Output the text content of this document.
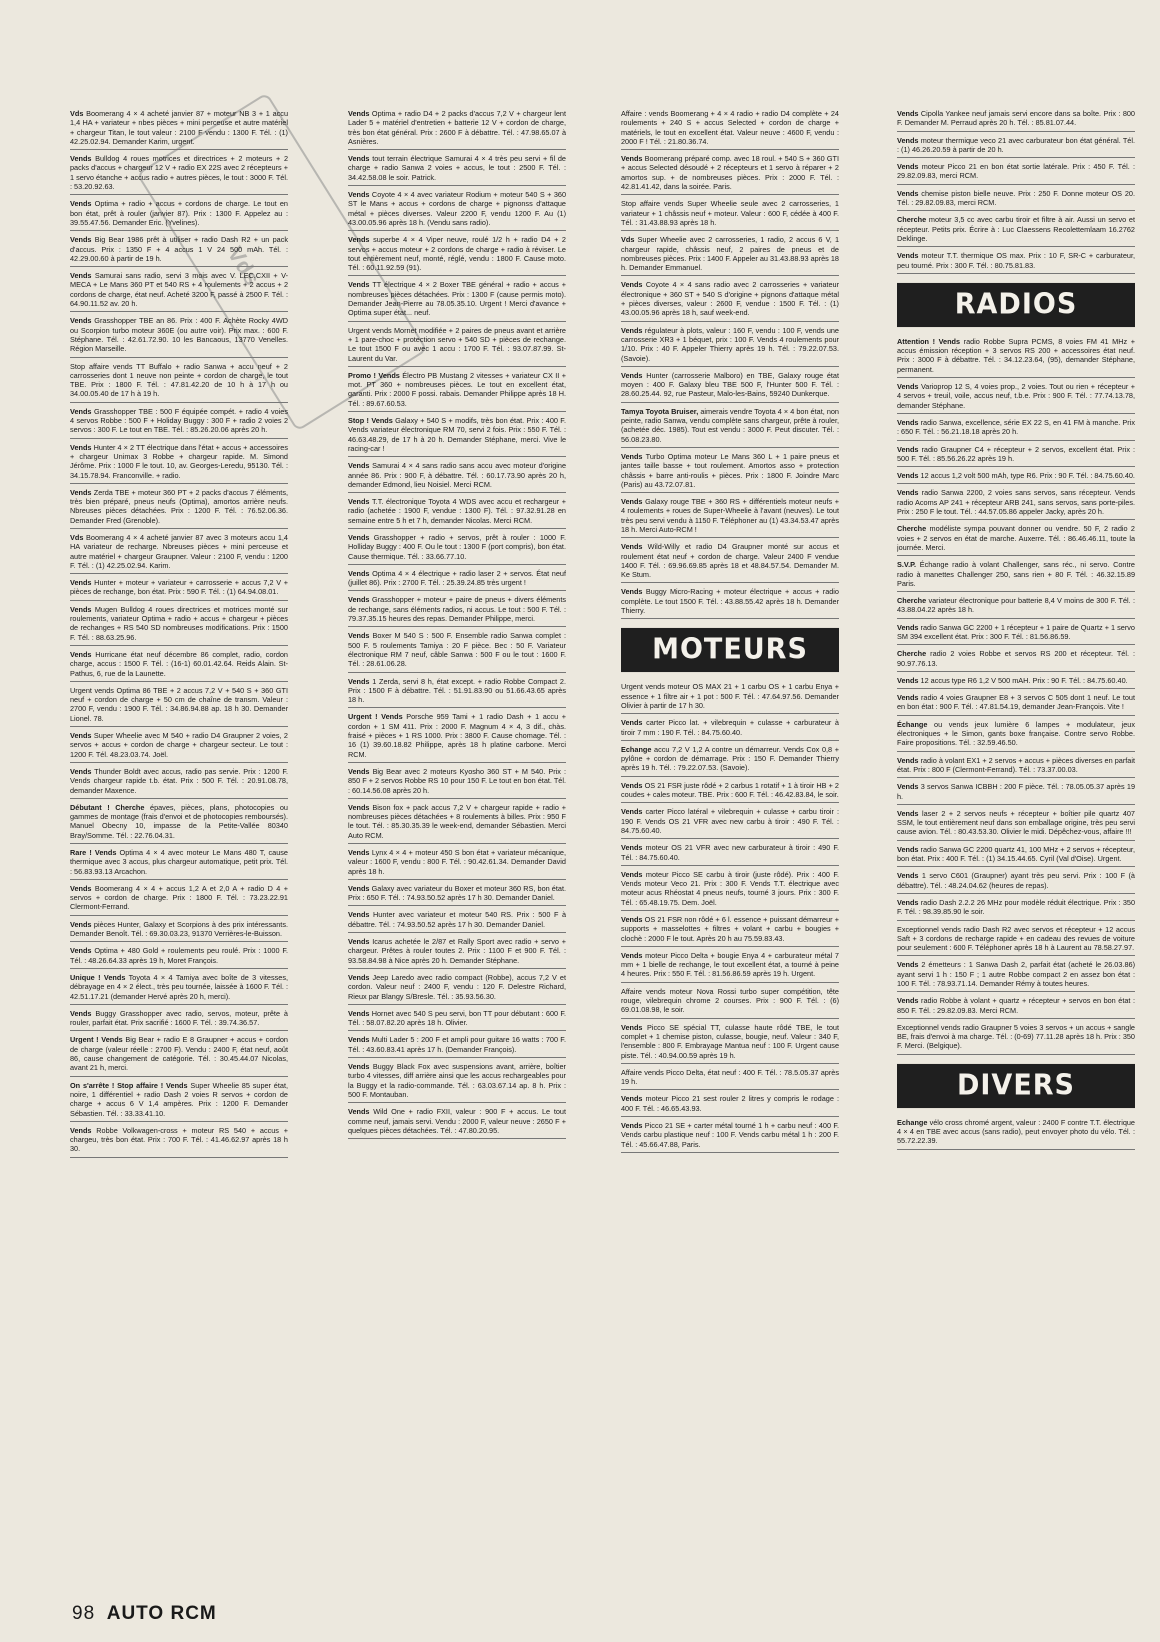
Vds
Vds Boomerang 4 × 4 acheté janvier 87 + moteur NB 3 + 1 accu 1,4 HA + variateur + nbes pièces + mini perceuse et autre matériel + chargeur Titan, le tout valeur : 2100 F vendu : 1300 F. Tél. : (1) 42.25.02.94. Demander Karim, urgent.
Vends Bulldog 4 roues motrices et directrices + 2 moteurs + 2 packs d'accus + chargeur 12 V + radio EX 22S avec 2 récepteurs + 1 servo étanche + accus radio + autres pièces, le tout : 3000 F. Tél. : 53.20.92.63.
Vends Optima + radio + accus + cordons de charge. Le tout en bon état, prêt à rouler (janvier 87). Prix : 1300 F. Appelez au : 39.55.47.56. Demander Eric. (Yvelines).
Vends Big Bear 1986 prêt à utiliser + radio Dash R2 + un pack d'accus. Prix : 1350 F + 4 accus 1 V 24 500 mAh. Tél. : 42.29.00.60 à partir de 19 h.
Vends Samurai sans radio, servi 3 mois avec V. LEC.CXII + V-MECA + Le Mans 360 PT et 540 RS + 4 roulements + 2 accus + 2 cordons de charge, état neuf. Acheté 3200 F, passé à 2500 F. Tél. : 64.90.11.52 av. 20 h.
Vends Grasshopper TBE an 86. Prix : 400 F. Achète Rocky 4WD ou Scorpion turbo moteur 360E (ou autre voir). Prix max. : 600 F. Stéphane. Tél. : 42.61.72.90. 10 les Bancaous, 13770 Venelles. Région Marseille.
Stop affaire vends TT Buffalo + radio Sanwa + accu neuf + 2 carrosseries dont 1 neuve non peinte + cordon de charge, le tout TBE. Prix : 1800 F. Tél. : 47.81.42.20 de 10 h à 17 h ou 34.00.05.40 de 17 h à 19 h.
Vends Grasshopper TBE : 500 F équipée compét. + radio 4 voies 4 servos Robbe : 500 F + Holiday Buggy : 300 F + radio 2 voies 2 servos : 300 F. Le tout en TBE. Tél. : 85.26.20.06 après 20 h.
Vends Hunter 4 × 2 TT électrique dans l'état + accus + accessoires + chargeur Unimax 3 Robbe + chargeur rapide. M. Simond Jérôme. Prix : 1000 F le tout. 10, av. Georges-Leredu, 95130. Tél. : 34.15.78.94. Franconville. + radio.
Vends Zerda TBE + moteur 360 PT + 2 packs d'accus 7 éléments, très bien préparé, pneus neufs (Optima), amortos arrière neufs. Nbreuses pièces détachées. Prix : 1200 F. Tél. : 76.52.06.36. Demander Fred (Grenoble).
Vds Boomerang 4 × 4 acheté janvier 87 avec 3 moteurs accu 1,4 HA variateur de recharge. Nbreuses pièces + mini perceuse et autre matériel + chargeur Graupner. Valeur : 2100 F, vendu : 1200 F. Tél. : (1) 42.25.02.94. Karim.
Vends Hunter + moteur + variateur + carrosserie + accus 7,2 V + pièces de rechange, bon état. Prix : 590 F. Tél. : (1) 64.94.08.01.
Vends Mugen Bulldog 4 roues directrices et motrices monté sur roulements, variateur Optima + radio + accus + chargeur + pièces de rechanges + RS 540 SD nombreuses modifications. Prix : 1500 F. Tél. : 88.63.25.96.
Vends Hurricane état neuf décembre 86 complet, radio, cordon charge, accus : 1500 F. Tél. : (16-1) 60.01.42.64. Reids Alain. St-Pathus, 6, rue de la Launette.
Urgent vends Optima 86 TBE + 2 accus 7,2 V + 540 S + 360 GTI neuf + cordon de charge + 50 cm de chaîne de transm. Valeur : 2700 F, vendu : 1900 F. Tél. : 34.86.94.88 ap. 18 h 30. Demander Lionel. 78.
Vends Super Wheelie avec M 540 + radio D4 Graupner 2 voies, 2 servos + accus + cordon de charge + chargeur secteur. Le tout : 1200 F. Tél. 48.23.03.74. Joël.
Vends Thunder Boldt avec accus, radio pas servie. Prix : 1200 F. Vends chargeur rapide t.b. état. Prix : 500 F. Tél. : 20.91.08.78, demander Maxence.
Débutant ! Cherche épaves, pièces, plans, photocopies ou gammes de montage (frais d'envoi et de photocopies remboursés). Manuel Obecny 10, impasse de la Petite-Vallée 80340 Bray/Somme. Tél. : 22.76.04.31.
Rare ! Vends Optima 4 × 4 avec moteur Le Mans 480 T, cause thermique avec 3 accus, plus chargeur automatique, petit prix. Tél. : 56.83.93.13 Arcachon.
Vends Boomerang 4 × 4 + accus 1,2 A et 2,0 A + radio D 4 + servos + cordon de charge. Prix : 1800 F. Tél. : 73.23.22.91 Clermont-Ferrand.
Vends pièces Hunter, Galaxy et Scorpions à des prix intéressants. Demander Benoît. Tél. : 69.30.03.23, 91370 Verrières-le-Buisson.
Vends Optima + 480 Gold + roulements peu roulé. Prix : 1000 F. Tél. : 48.26.64.33 après 19 h, Moret François.
Unique ! Vends Toyota 4 × 4 Tamiya avec boîte de 3 vitesses, débrayage en 4 × 2 élect., très peu tournée, laissée à 1600 F. Tél. : 42.51.17.21 (demander Hervé après 20 h, merci).
Vends Buggy Grasshopper avec radio, servos, moteur, prête à rouler, parfait état. Prix sacrifié : 1600 F. Tél. : 39.74.36.57.
Urgent ! Vends Big Bear + radio E 8 Graupner + accus + cordon de charge (valeur réelle : 2700 F). Vendu : 2400 F, état neuf, août 86, cause changement de catégorie. Tél. : 30.45.44.07 Nicolas, avant 21 h, merci.
On s'arrête ! Stop affaire ! Vends Super Wheelie 85 super état, noire, 1 différentiel + radio Dash 2 voies R servos + cordon de charge + accus 6 V 1,4 ampères. Prix : 1200 F. Demander Sébastien. Tél. : 33.33.41.10.
Vends Robbe Volkwagen-cross + moteur RS 540 + accus + chargeu, très bon état. Prix : 700 F. Tél. : 41.46.62.97 après 18 h 30.
Vends Optima + radio D4 + 2 packs d'accus 7,2 V + chargeur lent Lader 5 + matériel d'entretien + batterie 12 V + cordon de charge, très bon état général. Prix : 2600 F à débattre. Tél. : 47.98.65.07 à Asnières.
Vends tout terrain électrique Samurai 4 × 4 très peu servi + fil de charge + radio Sanwa 2 voies + accus, le tout : 2500 F. Tél. : 34.42.58.08 le soir. Patrick.
Vends Coyote 4 × 4 avec variateur Rodium + moteur 540 S + 360 ST le Mans + accus + cordons de charge + pignonss d'attaque métal + pièces diverses. Valeur 2200 F, vendu 1200 F. Au (1) 43.00.05.96 après 18 h. (Vendu sans radio).
Vends superbe 4 × 4 Viper neuve, roulé 1/2 h + radio D4 + 2 servos + accus moteur + 2 cordons de charge + radio à réviser. Le tout entièrement neuf, monté, réglé, vendu : 1800 F. Cause moto. Tél. : 60.11.92.59 (91).
Vends TT électrique 4 × 2 Boxer TBE général + radio + accus + nombreuses pièces détachées. Prix : 1300 F (cause permis moto). Demander Jean-Pierre au 78.05.35.10. Urgent ! Merci d'avance + Optima super état... neuf.
Urgent vends Mornet modifiée + 2 paires de pneus avant et arrière + 1 pare-choc + protection servo + 540 SD + pièces de rechange. Le tout 1500 F ou avec 1 accu : 1700 F. Tél. : 93.07.87.99. St-Laurent du Var.
Promo ! Vends Électro PB Mustang 2 vitesses + variateur CX II + mot. PT 360 + nombreuses pièces. Le tout en excellent état, garanti. Prix : 2000 F possi. rabais. Demander Philippe après 18 H. Tél. : 89.67.60.53.
Stop ! Vends Galaxy + 540 S + modifs, très bon état. Prix : 400 F. Vends variateur électronique RM 70, servi 2 fois. Prix : 550 F. Tél. : 46.63.48.29, de 17 h à 20 h. Demander Stéphane, merci. Vive le racing-car !
Vends Samurai 4 × 4 sans radio sans accu avec moteur d'origine année 86. Prix : 900 F, à débattre. Tél. : 60.17.73.90 après 20 h, demander Edmond, lieu Noisiel. Merci RCM.
Vends T.T. électronique Toyota 4 WDS avec accu et rechargeur + radio (achetée : 1900 F, vendue : 1300 F). Tél. : 97.32.91.28 en semaine entre 5 h et 7 h, demander Nicolas. Merci RCM.
Vends Grasshopper + radio + servos, prêt à rouler : 1000 F. Holliday Buggy : 400 F. Ou le tout : 1300 F (port compris), bon état. Cause thermique. Tél. : 33.66.77.10.
Vends Optima 4 × 4 électrique + radio laser 2 + servos. État neuf (juillet 86). Prix : 2700 F. Tél. : 25.39.24.85 très urgent !
Vends Grasshopper + moteur + paire de pneus + divers éléments de rechange, sans éléments radios, ni accus. Le tout : 500 F. Tél. : 79.37.35.15 heures des repas. Demander Philippe, merci.
Vends Boxer M 540 S : 500 F. Ensemble radio Sanwa complet : 500 F. 5 roulements Tamiya : 20 F pièce. Bec : 50 F. Variateur électronique RM 7 neuf, câble Sanwa : 500 F ou le tout : 1600 F. Tél. : 28.61.06.28.
Vends 1 Zerda, servi 8 h, état except. + radio Robbe Compact 2. Prix : 1500 F à débattre. Tél. : 51.91.83.90 ou 51.66.43.65 après 18 h.
Urgent ! Vends Porsche 959 Tami + 1 radio Dash + 1 accu + cordon + 1 SM 411. Prix : 2000 F. Magnum 4 × 4, 3 dif., chàs. fraisé + pièces + 1 RS 1000. Prix : 3800 F. Cause chomage. Tél. : 16 (1) 39.60.18.82 Philippe, après 18 h platine carbone. Merci RCM.
Vends Big Bear avec 2 moteurs Kyosho 360 ST + M 540. Prix : 850 F + 2 servos Robbe RS 10 pour 150 F. Le tout en bon état. Tél. : 60.14.56.08 après 20 h.
Vends Bison fox + pack accus 7,2 V + chargeur rapide + radio + nombreuses pièces détachées + 8 roulements à billes. Prix : 950 F le tout. Tél. : 85.30.35.39 le week-end, demander Sébastien. Merci Auto RCM.
Vends Lynx 4 × 4 + moteur 450 S bon état + variateur mécanique, valeur : 1600 F, vendu : 800 F. Tél. : 90.42.61.34. Demander David après 18 h.
Vends Galaxy avec variateur du Boxer et moteur 360 RS, bon état. Prix : 650 F. Tél. : 74.93.50.52 après 17 h 30. Demander Daniel.
Vends Hunter avec variateur et moteur 540 RS. Prix : 500 F à débattre. Tél. : 74.93.50.52 après 17 h 30. Demander Daniel.
Vends Icarus achetée le 2/87 et Rally Sport avec radio + servo + chargeur. Prêtes à rouler toutes 2. Prix : 1100 F et 900 F. Tél. : 93.58.84.98 à Nice après 20 h. Demander Stéphane.
Vends Jeep Laredo avec radio compact (Robbe), accus 7,2 V et cordon. Valeur neuf : 2400 F, vendu : 120 F. Delestre Richard, Rieux par Blangy S/Bresle. Tél. : 35.93.56.30.
Vends Hornet avec 540 S peu servi, bon TT pour débutant : 600 F. Tél. : 58.07.82.20 après 18 h. Olivier.
Vends Multi Lader 5 : 200 F et ampli pour guitare 16 watts : 700 F. Tél. : 43.60.83.41 après 17 h. (Demander François).
Vends Buggy Black Fox avec suspensions avant, arrière, boîtier turbo 4 vitesses, diff arrière ainsi que les accus rechargeables pour la Buggy et la radio-commande. Tél. : 63.03.67.14 ap. 8 h. Prix : 500 F. Montauban.
Vends Wild One + radio FXII, valeur : 900 F + accus. Le tout comme neuf, jamais servi. Vendu : 2000 F, valeur neuve : 2650 F + quelques pièces détachées. Tél. : 47.80.20.95.
Affaire : vends Boomerang + 4 × 4 radio + radio D4 complète + 24 roulements + 240 S + accus Selected + cordon de charge + matériels, le tout en excellent état. Valeur neuve : 4600 F, vendu : 2000 F ! Tél. : 21.80.36.74.
Vends Boomerang préparé comp. avec 18 roul. + 540 S + 360 GTI + accus Selected désoudé + 2 récepteurs et 1 servo à réparer + 2 amortos sup. + de nombreuses pièces. Prix : 2000 F. Tél. : 42.81.41.42, dans la soirée. Paris.
Stop affaire vends Super Wheelie seule avec 2 carrosseries, 1 variateur + 1 châssis neuf + moteur. Valeur : 600 F, cédée à 400 F. Tél. : 31.43.88.93 après 18 h.
Vds Super Wheelie avec 2 carrosseries, 1 radio, 2 accus 6 V, 1 chargeur rapide, châssis neuf, 2 paires de pneus et de nombreuses pièces. Prix : 1400 F. Appeler au 31.43.88.93 après 18 h. Demander Emmanuel.
Vends Coyote 4 × 4 sans radio avec 2 carrosseries + variateur électronique + 360 ST + 540 S d'origine + pignons d'attaque métal + pièces diverses, valeur : 2600 F, vendue : 1500 F. Tél. : (1) 43.00.05.96 après 18 h, sauf week-end.
Vends régulateur à plots, valeur : 160 F, vendu : 100 F, vends une carrosserie XR3 + 1 béquet, prix : 100 F. Vends 4 roulements pour 1/10. Prix : 40 F. Appeler Thierry après 19 h. Tél. : 79.22.07.53. (Savoie).
Vends Hunter (carrosserie Malboro) en TBE, Galaxy rouge état moyen : 400 F. Galaxy bleu TBE 500 F, l'Hunter 500 F. Tél. : 28.60.25.44. 92, rue Pasteur, Malo-les-Bains, 59240 Dunkerque.
Tamya Toyota Bruiser, aimerais vendre Toyota 4 × 4 bon état, non peinte, radio Sanwa, vendu complète sans chargeur, prête à rouler, (achetée déc. 1985). Tout est vendu : 3000 F. Peut discuter. Tél. : 56.08.23.80.
Vends Turbo Optima moteur Le Mans 360 L + 1 paire pneus et jantes taille basse + tout roulement. Amortos asso + protection châssis + barre anti-roulis + pièces. Prix : 1800 F. Joindre Marc (Paris) au 43.72.07.81.
Vends Galaxy rouge TBE + 360 RS + différentiels moteur neufs + 4 roulements + roues de Super-Wheelie à l'avant (neuves). Le tout très peu servi vendu à 1150 F. Téléphoner au (1) 43.34.53.47 après 18 h. Merci Auto-RCM !
Vends Wild-Willy et radio D4 Graupner monté sur accus et roulement état neuf + cordon de charge. Valeur 2400 F vendue 1400 F. Tél. : 69.96.69.85 après 18 et 48.84.57.54. Demander M. Ke Stum.
Vends Buggy Micro-Racing + moteur électrique + accus + radio complète. Le tout 1500 F. Tél. : 43.88.55.42 après 18 h. Demander Thierry.
MOTEURS
Urgent vends moteur OS MAX 21 + 1 carbu OS + 1 carbu Enya + essence + 1 filtre air + 1 pot : 500 F. Tél. : 47.64.97.56. Demander Olivier à partir de 17 h 30.
Vends carter Picco lat. + vilebrequin + culasse + carburateur à tiroir 7 mm : 190 F. Tél. : 84.75.60.40.
Echange accu 7,2 V 1,2 A contre un démarreur. Vends Cox 0,8 + pylône + cordon de démarrage. Prix : 150 F. Demander Thierry après 19 h. Tél. : 79.22.07.53. (Savoie).
Vends OS 21 FSR juste rôdé + 2 carbus 1 rotatif + 1 à tiroir HB + 2 coudes + cales moteur. TBE. Prix : 600 F. Tél. : 46.42.83.84, le soir.
Vends carter Picco latéral + vilebrequin + culasse + carbu tiroir : 190 F. Vends OS 21 VFR avec new carbu à tiroir : 490 F. Tél. : 84.75.60.40.
Vends moteur OS 21 VFR avec new carburateur à tiroir : 490 F. Tél. : 84.75.60.40.
Vends moteur Picco SE carbu à tiroir (juste rôdé). Prix : 400 F. Vends moteur Veco 21. Prix : 300 F. Vends T.T. électrique avec moteur acus Rhéostat 4 pneus neufs, tourné 3 jours. Prix : 300 F. Tél. : 65.48.19.75. Dem. Joël.
Vends OS 21 FSR non rôdé + 6 l. essence + puissant démarreur + supports + masselottes + filtres + volant + carbu + bougies + clochè : 2000 F le tout. Après 20 h au 75.59.83.43.
Vends moteur Picco Delta + bougie Enya 4 + carburateur métal 7 mm + 1 bielle de rechange, le tout excellent état, a tourné à peine 4 heures. Prix : 550 F. Tél. : 81.56.86.59 après 19 h. Urgent.
Affaire vends moteur Nova Rossi turbo super compétition, tête rouge, vilebrequin chrome 2 courses. Prix : 900 F. Tél. : (6) 69.01.08.98, le soir.
Vends Picco SE spécial TT, culasse haute rôdé TBE, le tout complet + 1 chemise piston, culasse, bougie, neuf. Valeur : 340 F, l'ensemble : 800 F. Embrayage Mantua neuf : 100 F. Urgent cause piste. Tél. : 40.94.00.59 après 19 h.
Affaire vends Picco Delta, état neuf : 400 F. Tél. : 78.5.05.37 après 19 h.
Vends moteur Picco 21 sest rouler 2 litres y compris le rodage : 400 F. Tél. : 46.65.43.93.
Vends Picco 21 SE + carter métal tourné 1 h + carbu neuf : 400 F. Vends carbu plastique neuf : 100 F. Vends carbu métal 1 h : 200 F. Tél. : 45.66.47.88, Paris.
Vends Cipolla Yankee neuf jamais servi encore dans sa boîte. Prix : 800 F. Demander M. Perraud après 20 h. Tél. : 85.81.07.44.
Vends moteur thermique veco 21 avec carburateur bon état général. Tél. : (1) 46.26.20.59 à partir de 20 h.
Vends moteur Picco 21 en bon état sortie latérale. Prix : 450 F. Tél. : 29.82.09.83, merci RCM.
Vends chemise piston bielle neuve. Prix : 250 F. Donne moteur OS 20. Tél. : 29.82.09.83, merci RCM.
Cherche moteur 3,5 cc avec carbu tiroir et filtre à air. Aussi un servo et récepteur. Petits prix. Écrire à : Luc Claessens Recolettemlaam 16.2762 Deklinge.
Vends moteur T.T. thermique OS max. Prix : 10 F, SR-C + carburateur, peu tourné. Prix : 300 F. Tél. : 80.75.81.83.
RADIOS
Attention ! Vends radio Robbe Supra PCMS, 8 voies FM 41 MHz + accus émission réception + 3 servos RS 200 + accessoires état neuf. Prix : 3000 F à débattre. Tél. : 34.12.23.64, (95), demander Stéphane, permanent.
Vends Varioprop 12 S, 4 voies prop., 2 voies. Tout ou rien + récepteur + 4 servos + treuil, voile, accus neuf, t.b.e. Prix : 900 F. Tél. : 77.74.13.78, demander Stéphane.
Vends radio Sanwa, excellence, série EX 22 S, en 41 FM à manche. Prix : 650 F. Tél. : 56.21.18.18 après 20 h.
Vends radio Graupner C4 + récepteur + 2 servos, excellent état. Prix : 500 F. Tél. : 85.56.26.22 après 19 h.
Vends 12 accus 1,2 volt 500 mAh, type R6. Prix : 90 F. Tél. : 84.75.60.40.
Vends radio Sanwa 2200, 2 voies sans servos, sans récepteur. Vends radio Acoms AP 241 + récepteur ARB 241, sans servos, sans porte-piles. Prix : 250 F le tout. Tél. : 44.57.05.86 appeler Jacky, après 20 h.
Cherche modéliste sympa pouvant donner ou vendre. 50 F, 2 radio 2 voies + 2 servos en état de marche. Auxerre. Tél. : 86.46.46.11, toute la journée. Merci.
S.V.P. Échange radio à volant Challenger, sans réc., ni servo. Contre radio à manettes Challenger 250, sans rien + 80 F. Tél. : 46.32.15.89 Paris.
Cherche variateur électronique pour batterie 8,4 V moins de 300 F. Tél. : 43.88.04.22 après 18 h.
Vends radio Sanwa GC 2200 + 1 récepteur + 1 paire de Quartz + 1 servo SM 394 excellent état. Prix : 300 F. Tél. : 81.56.86.59.
Cherche radio 2 voies Robbe et servos RS 200 et récepteur. Tél. : 90.97.76.13.
Vends 12 accus type R6 1,2 V 500 mAH. Prix : 90 F. Tél. : 84.75.60.40.
Vends radio 4 voies Graupner E8 + 3 servos C 505 dont 1 neuf. Le tout en bon état : 900 F. Tél. : 47.81.54.19, demander Jean-François. Vite !
Échange ou vends jeux lumière 6 lampes + modulateur, jeux électroniques + le Simon, gants boxe française. Contre servo Robbe. Faire propositions. Tél. : 32.59.46.50.
Vends radio à volant EX1 + 2 servos + accus + pièces diverses en parfait état. Prix : 800 F (Clermont-Ferrand). Tél. : 73.37.00.03.
Vends 3 servos Sanwa ICBBH : 200 F pièce. Tél. : 78.05.05.37 après 19 h.
Vends laser 2 + 2 servos neufs + récepteur + boîtier pile quartz 407 SSM, le tout entièrement neuf dans son emballage origine, très peu servi cause avion. Tél. : 80.43.53.30. Olivier le midi. Dépêchez-vous, affaire !!!
Vends radio Sanwa GC 2200 quartz 41, 100 MHz + 2 servos + récepteur, bon état. Prix : 400 F. Tél. : (1) 34.15.44.65. Cyril (Val d'Oise). Urgent.
Vends 1 servo C601 (Graupner) ayant très peu servi. Prix : 100 F (à débattre). Tél. : 48.24.04.62 (heures de repas).
Vends radio Dash 2.2.2 26 MHz pour modèle réduit électrique. Prix : 350 F. Tél. : 98.39.85.90 le soir.
Exceptionnel vends radio Dash R2 avec servos et récepteur + 12 accus Saft + 3 cordons de recharge rapide + en cadeau des revues de voiture pour seulement : 600 F. Téléphoner après 18 h à Laurent au 78.58.27.97.
Vends 2 émetteurs : 1 Sanwa Dash 2, parfait état (acheté le 26.03.86) ayant servi 1 h : 150 F ; 1 autre Robbe compact 2 en assez bon état : 100 F. Tél. : 78.93.71.14. Demander Rémy à toutes heures.
Vends radio Robbe à volant + quartz + récepteur + servos en bon état : 850 F. Tél. : 29.82.09.83. Merci RCM.
Exceptionnel vends radio Graupner 5 voies 3 servos + un accus + sangle BE, frais d'envoi à ma charge. Tél. : (0-69) 77.11.28 après 18 h. Prix : 350 F. Merci. (Belgique).
DIVERS
Echange vélo cross chromé argent, valeur : 2400 F contre T.T. électrique 4 × 4 en TBE avec accus (sans radio), peut envoyer photo du vélo. Tél. : 55.72.22.39.
98 AUTO RCM
